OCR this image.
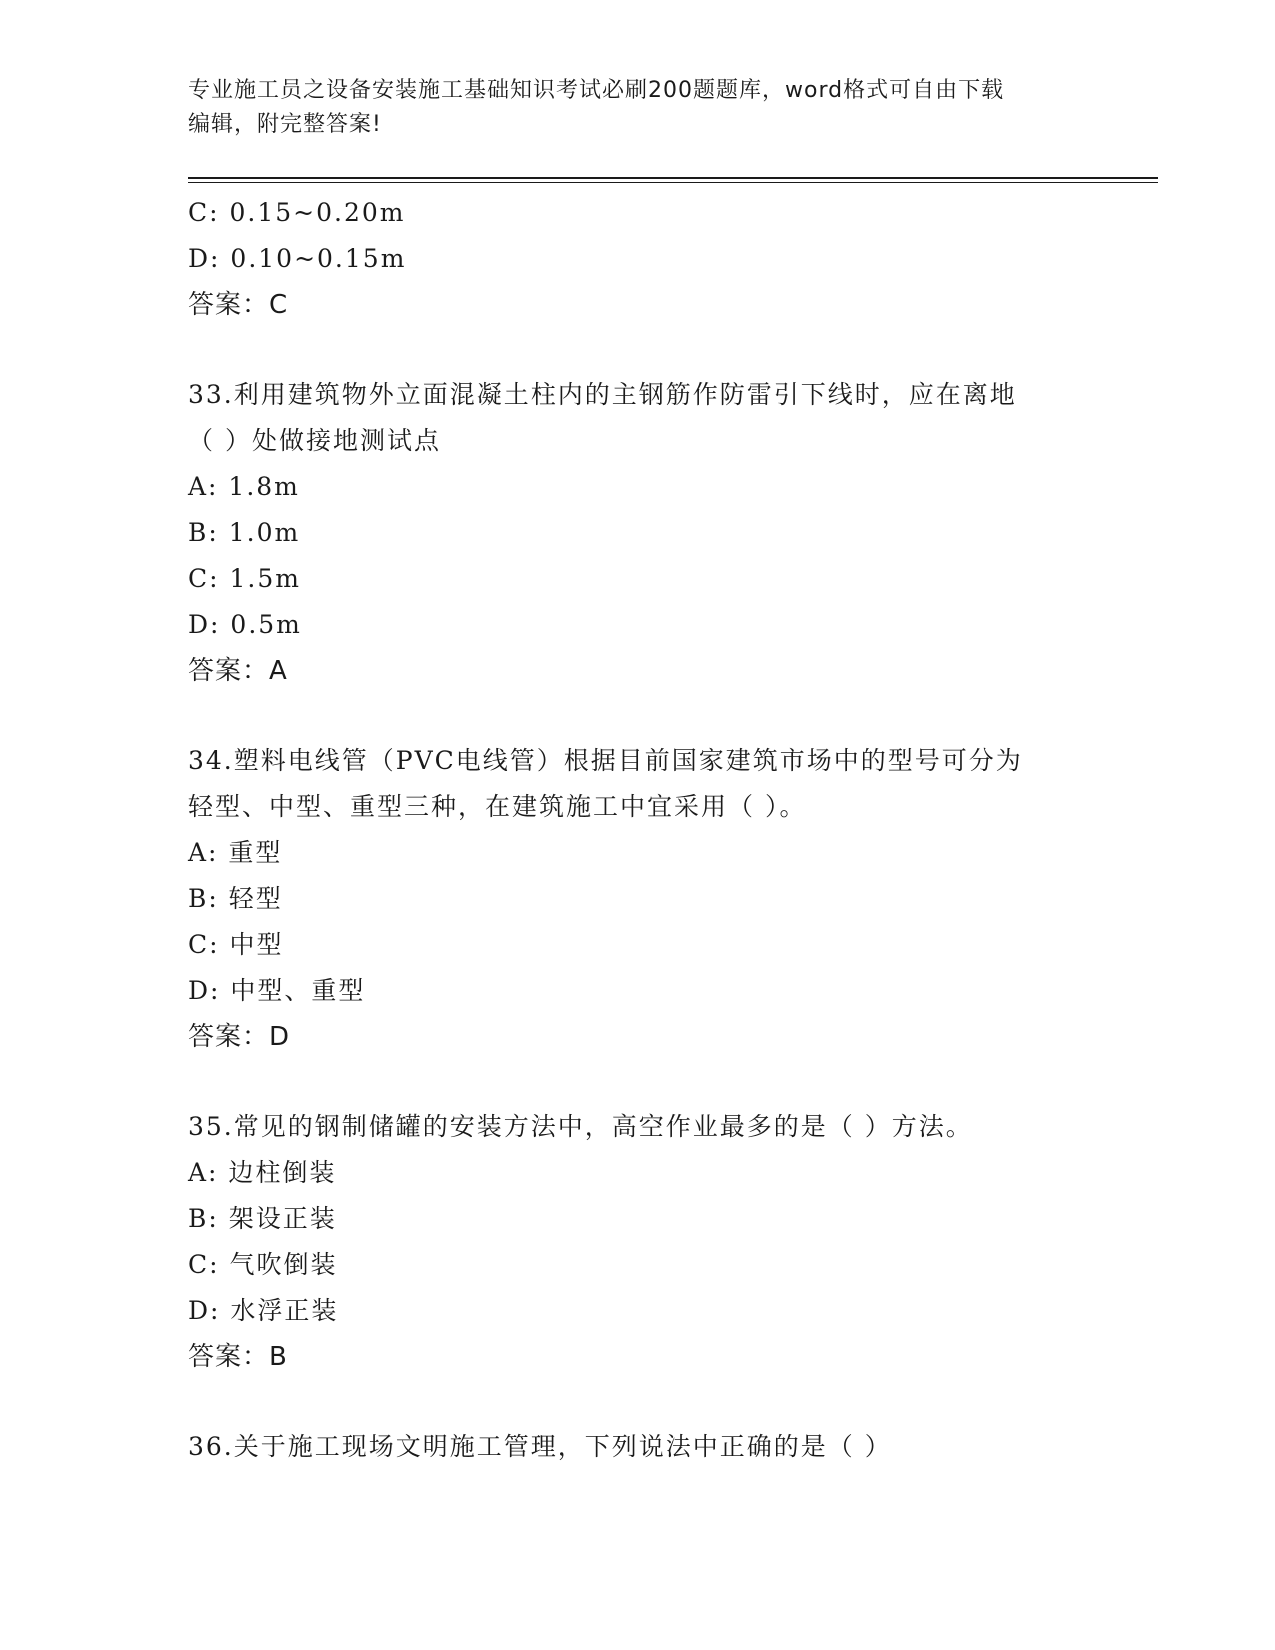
专业施工员之设备安装施工基础知识考试必刷200题题库，word格式可自由下载
编辑，附完整答案!
C: 0.15~0.20m
D: 0.10~0.15m
答案：C
33.利用建筑物外立面混凝土柱内的主钢筋作防雷引下线时，应在离地
（ ）处做接地测试点
A: 1.8m
B: 1.0m
C: 1.5m
D: 0.5m
答案：A
34.塑料电线管（PVC电线管）根据目前国家建筑市场中的型号可分为
轻型、中型、重型三种，在建筑施工中宜采用（ ）。
A: 重型
B: 轻型
C: 中型
D: 中型、重型
答案：D
35.常见的钢制储罐的安装方法中，高空作业最多的是（ ）方法。
A: 边柱倒装
B: 架设正装
C: 气吹倒装
D: 水浮正装
答案：B
36.关于施工现场文明施工管理，下列说法中正确的是（ ）
